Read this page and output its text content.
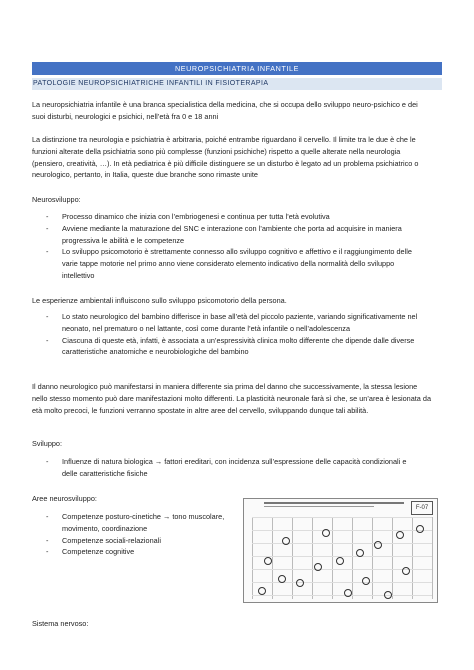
NEUROPSICHIATRIA INFANTILE
PATOLOGIE NEUROPSICHIATRICHE INFANTILI IN FISIOTERAPIA

La neuropsichiatria infantile è una branca specialistica della medicina, che si occupa dello sviluppo neuro-psichico e dei suoi disturbi, neurologici e psichici, nell’età fra 0 e 18 anni

La distinzione tra neurologia e psichiatria è arbitraria, poiché entrambe riguardano il cervello. Il limite tra le due è che le funzioni alterate della psichiatria sono più complesse (funzioni psichiche) rispetto a quelle alterate nella neurologia (pensiero, creatività, …). In età pediatrica è più difficile distinguere se un disturbo è legato ad un problema psichiatrico o neurologico, pertanto, in Italia, queste due branche sono rimaste unite

Neurosviluppo:

- Processo dinamico che inizia con l’embriogenesi e continua per tutta l’età evolutiva
- Avviene mediante la maturazione del SNC e interazione con l’ambiente che porta ad acquisire in maniera progressiva le abilità e le competenze
- Lo sviluppo psicomotorio è strettamente connesso allo sviluppo cognitivo e affettivo e il raggiungimento delle varie tappe motorie nel primo anno viene considerato elemento indicativo della normalità dello sviluppo intellettivo

Le esperienze ambientali influiscono sullo sviluppo psicomotorio della persona.

- Lo stato neurologico del bambino differisce in base all’età del piccolo paziente, variando significativamente nel neonato, nel prematuro o nel lattante, così come durante l’età infantile o nell’adolescenza
- Ciascuna di queste età, infatti, è associata a un’espressività clinica molto differente che dipende dalle diverse caratteristiche anatomiche e neurobiologiche del bambino

Il danno neurologico può manifestarsi in maniera differente sia prima del danno che successivamente, la stessa lesione nello stesso momento può dare manifestazioni molto differenti. La plasticità neuronale farà sì che, se un’area è lesionata da età molto precoci, le funzioni verranno spostate in altre aree del cervello, sviluppando dunque tali abilità.

Sviluppo:

- Influenze di natura biologica → fattori ereditari, con incidenza sull’espressione delle capacità condizionali e delle caratteristiche fisiche

Aree neurosviluppo:

- Competenze posturo-cinetiche → tono muscolare, movimento, coordinazione
- Competenze sociali-relazionali
- Competenze cognitive
F-07

Sistema nervoso:
